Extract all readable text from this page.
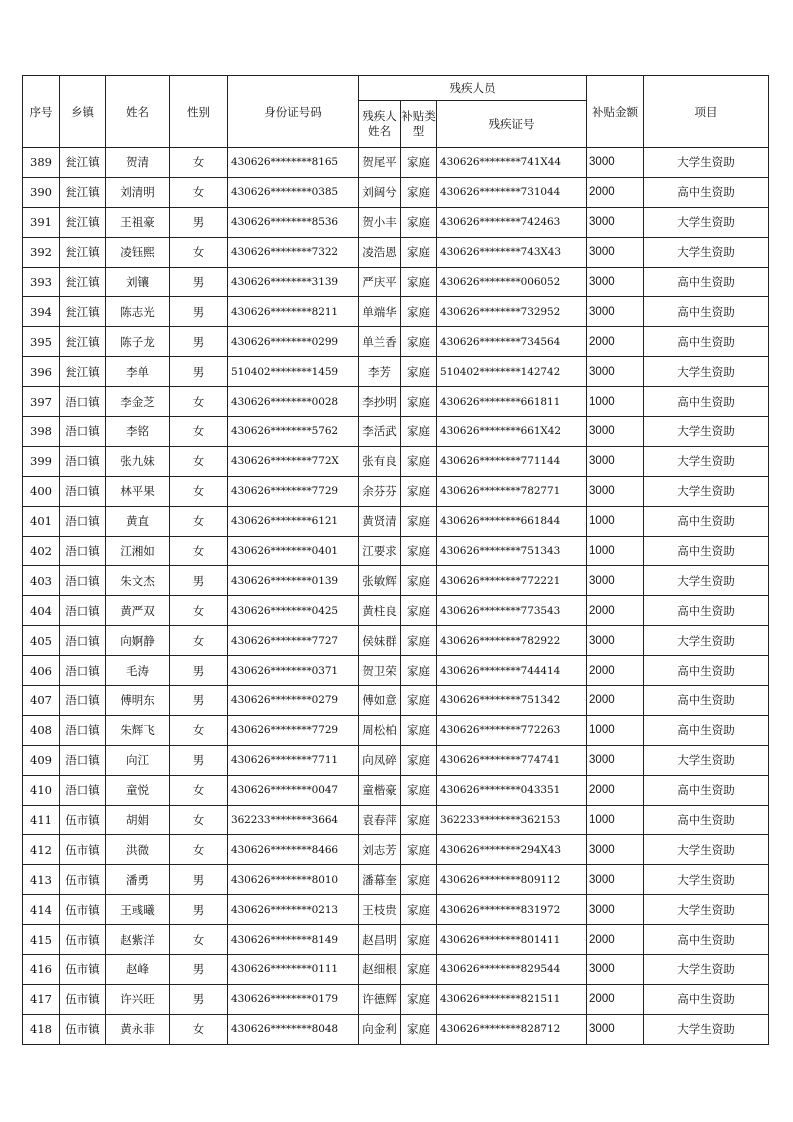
序号	乡镇	姓名	性别	身份证号码	残疾人员			补贴金额	项目
					残疾人姓名	补贴类型	残疾证号		
389	瓮江镇	贺清	女	430626********8165	贺尾平	家庭	430626********741X44	3000	大学生资助
390	瓮江镇	刘清明	女	430626********0385	刘阔兮	家庭	430626********731044	2000	高中生资助
391	瓮江镇	王祖豪	男	430626********8536	贺小丰	家庭	430626********742463	3000	大学生资助
392	瓮江镇	凌钰熙	女	430626********7322	凌浩恩	家庭	430626********743X43	3000	大学生资助
393	瓮江镇	刘镶	男	430626********3139	严庆平	家庭	430626********006052	3000	高中生资助
394	瓮江镇	陈志光	男	430626********8211	单端华	家庭	430626********732952	3000	高中生资助
395	瓮江镇	陈子龙	男	430626********0299	单兰香	家庭	430626********734564	2000	高中生资助
396	瓮江镇	李单	男	510402********1459	李芳	家庭	510402********142742	3000	大学生资助
397	浯口镇	李金芝	女	430626********0028	李抄明	家庭	430626********661811	1000	高中生资助
398	浯口镇	李铭	女	430626********5762	李活武	家庭	430626********661X42	3000	大学生资助
399	浯口镇	张九妹	女	430626********772X	张有良	家庭	430626********771144	3000	大学生资助
400	浯口镇	林平果	女	430626********7729	余芬芬	家庭	430626********782771	3000	大学生资助
401	浯口镇	黄直	女	430626********6121	黄贤清	家庭	430626********661844	1000	高中生资助
402	浯口镇	江湘如	女	430626********0401	江要求	家庭	430626********751343	1000	高中生资助
403	浯口镇	朱文杰	男	430626********0139	张敏辉	家庭	430626********772221	3000	大学生资助
404	浯口镇	黄严双	女	430626********0425	黄柱良	家庭	430626********773543	2000	高中生资助
405	浯口镇	向婀静	女	430626********7727	侯妹群	家庭	430626********782922	3000	大学生资助
406	浯口镇	毛涛	男	430626********0371	贺卫荣	家庭	430626********744414	2000	高中生资助
407	浯口镇	傅明东	男	430626********0279	傅如意	家庭	430626********751342	2000	高中生资助
408	浯口镇	朱辉飞	女	430626********7729	周松柏	家庭	430626********772263	1000	高中生资助
409	浯口镇	向江	男	430626********7711	向凤碎	家庭	430626********774741	3000	大学生资助
410	浯口镇	童悦	女	430626********0047	童楷豪	家庭	430626********043351	2000	高中生资助
411	伍市镇	胡娟	女	362233********3664	袁春萍	家庭	362233********362153	1000	高中生资助
412	伍市镇	洪微	女	430626********8466	刘志芳	家庭	430626********294X43	3000	大学生资助
413	伍市镇	潘勇	男	430626********8010	潘幕奎	家庭	430626********809112	3000	大学生资助
414	伍市镇	王彧曦	男	430626********0213	王枝贵	家庭	430626********831972	3000	大学生资助
415	伍市镇	赵紫洋	女	430626********8149	赵昌明	家庭	430626********801411	2000	高中生资助
416	伍市镇	赵峰	男	430626********0111	赵细根	家庭	430626********829544	3000	大学生资助
417	伍市镇	许兴旺	男	430626********0179	许德辉	家庭	430626********821511	2000	高中生资助
418	伍市镇	黄永菲	女	430626********8048	向金利	家庭	430626********828712	3000	大学生资助
